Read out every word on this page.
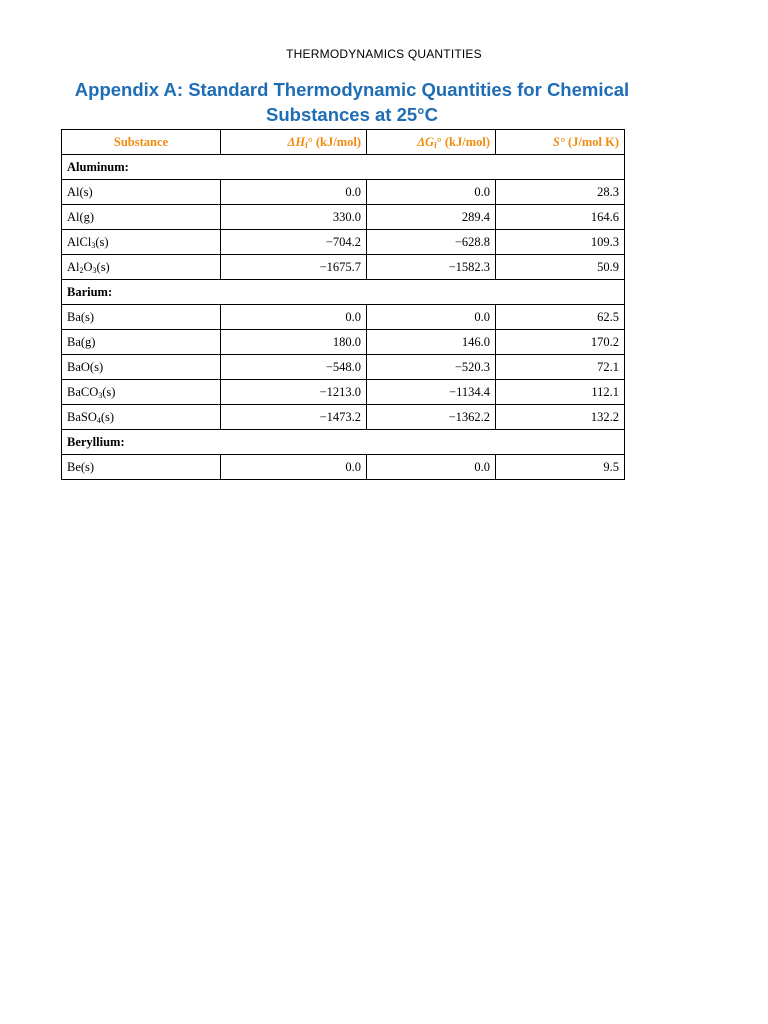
THERMODYNAMICS QUANTITIES
Appendix A: Standard Thermodynamic Quantities for Chemical
Substances at 25°C
Substance	$\Delta H_f^\circ$ (kJ/mol)	$\Delta G_f^\circ$ (kJ/mol)	S° (J/mol K)
Aluminum:			
Al(s)	0.0	0.0	28.3
Al(g)	330.0	289.4	164.6
AlCl$_3$(s)	−704.2	−628.8	109.3
$Al_2O_3(s)$	−1675.7	−1582.3	50.9
Barium:			
Ba(s)	0.0	0.0	62.5
Ba(g)	180.0	146.0	170.2
BaO(s)	−548.0	−520.3	72.1
BaCO$_3$(s)	−1213.0	−1134.4	112.1
BaSO$_4$(s)	−1473.2	−1362.2	132.2
Beryllium:			
Be(s)	0.0	0.0	9.5
